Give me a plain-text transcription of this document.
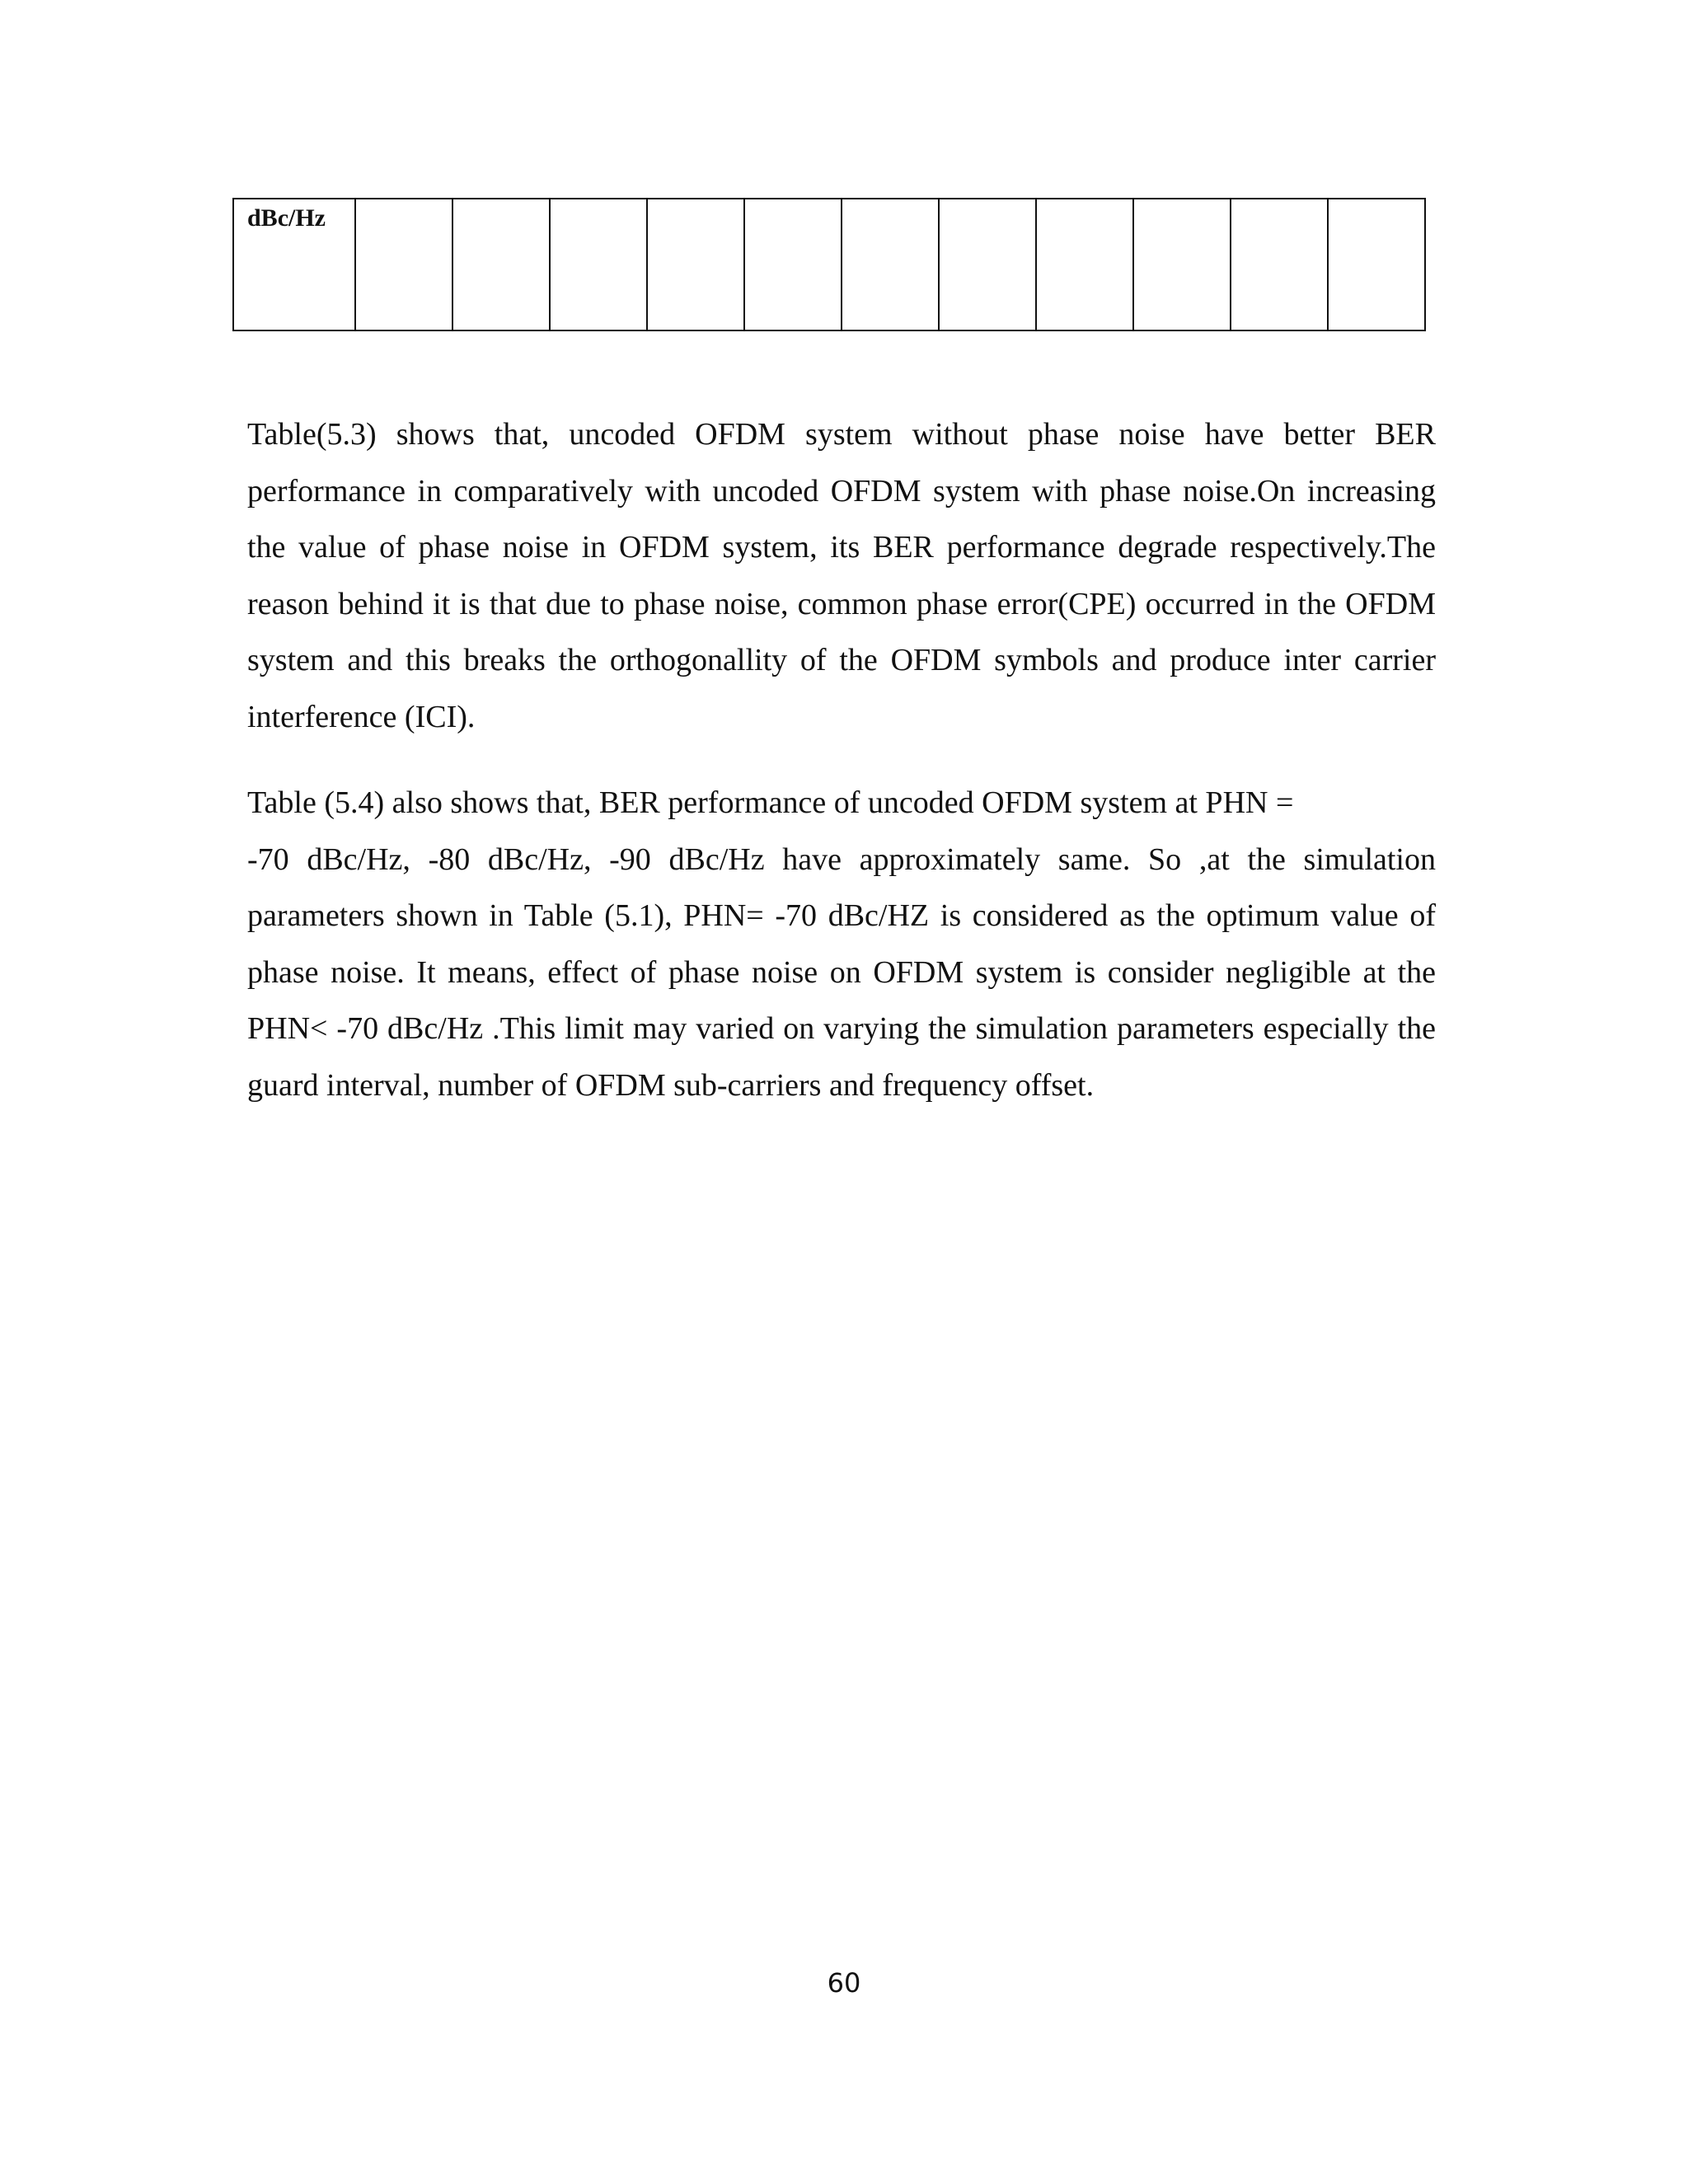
dBc/Hz											

Table(5.3) shows that, uncoded OFDM system without phase noise have better BER performance in comparatively with uncoded OFDM system with phase noise.On increasing the value of phase noise in OFDM system, its BER performance degrade respectively.The reason behind it is that due to phase noise, common phase error(CPE) occurred in the OFDM system and this breaks the orthogonallity of the OFDM symbols and produce inter carrier interference (ICI).

Table (5.4) also shows that, BER performance of uncoded OFDM system at PHN =
-70 dBc/Hz, -80 dBc/Hz, -90 dBc/Hz have approximately same. So ,at the simulation parameters shown in Table (5.1), PHN= -70 dBc/HZ is considered as the optimum value of phase noise. It means, effect of phase noise on OFDM system is consider negligible at the PHN< -70 dBc/Hz .This limit may varied on varying the simulation parameters especially the guard interval, number of OFDM sub-carriers and frequency offset.

60
